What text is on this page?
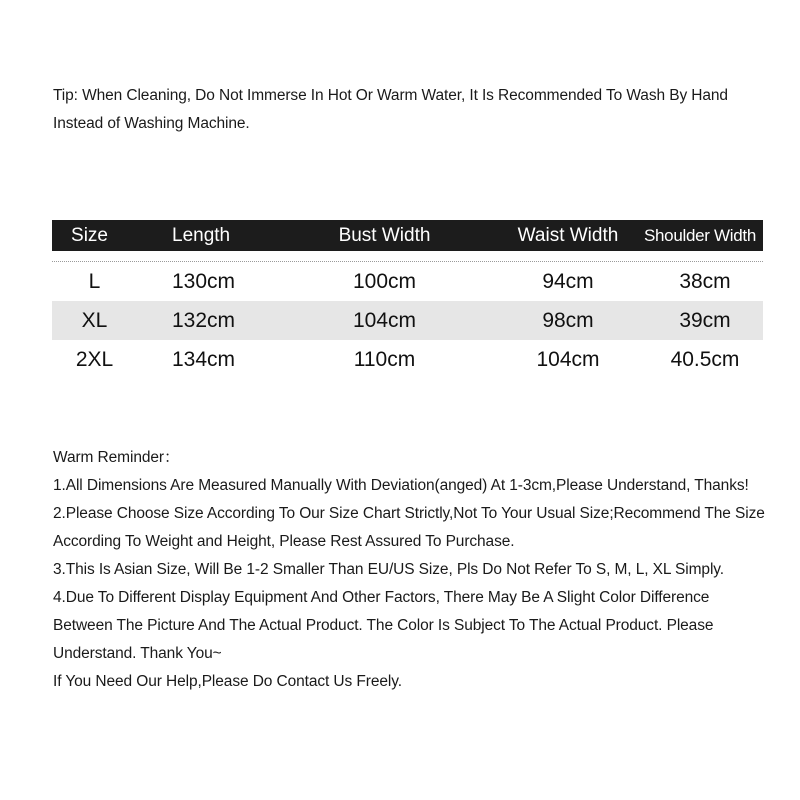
Tip: When Cleaning, Do Not Immerse In Hot Or Warm Water, It Is Recommended To Wash By Hand Instead of Washing Machine.
Size	Length	Bust Width	Waist Width	Shoulder Width
L	130cm	100cm	94cm	38cm
XL	132cm	104cm	98cm	39cm
2XL	134cm	110cm	104cm	40.5cm

Warm Reminder：

1.All Dimensions Are Measured Manually With Deviation(anged) At 1-3cm,Please Understand, Thanks!

2.Please Choose Size According To Our Size Chart Strictly,Not To Your Usual Size;Recommend The Size According To Weight and Height, Please Rest Assured To Purchase.

3.This Is Asian Size, Will Be 1-2 Smaller Than EU/US Size, Pls Do Not Refer To S, M, L, XL Simply.

4.Due To Different Display Equipment And Other Factors, There May Be A Slight Color Difference Between The Picture And The Actual Product. The Color Is Subject To The Actual Product. Please Understand. Thank You~

If You Need Our Help,Please Do Contact Us Freely.
